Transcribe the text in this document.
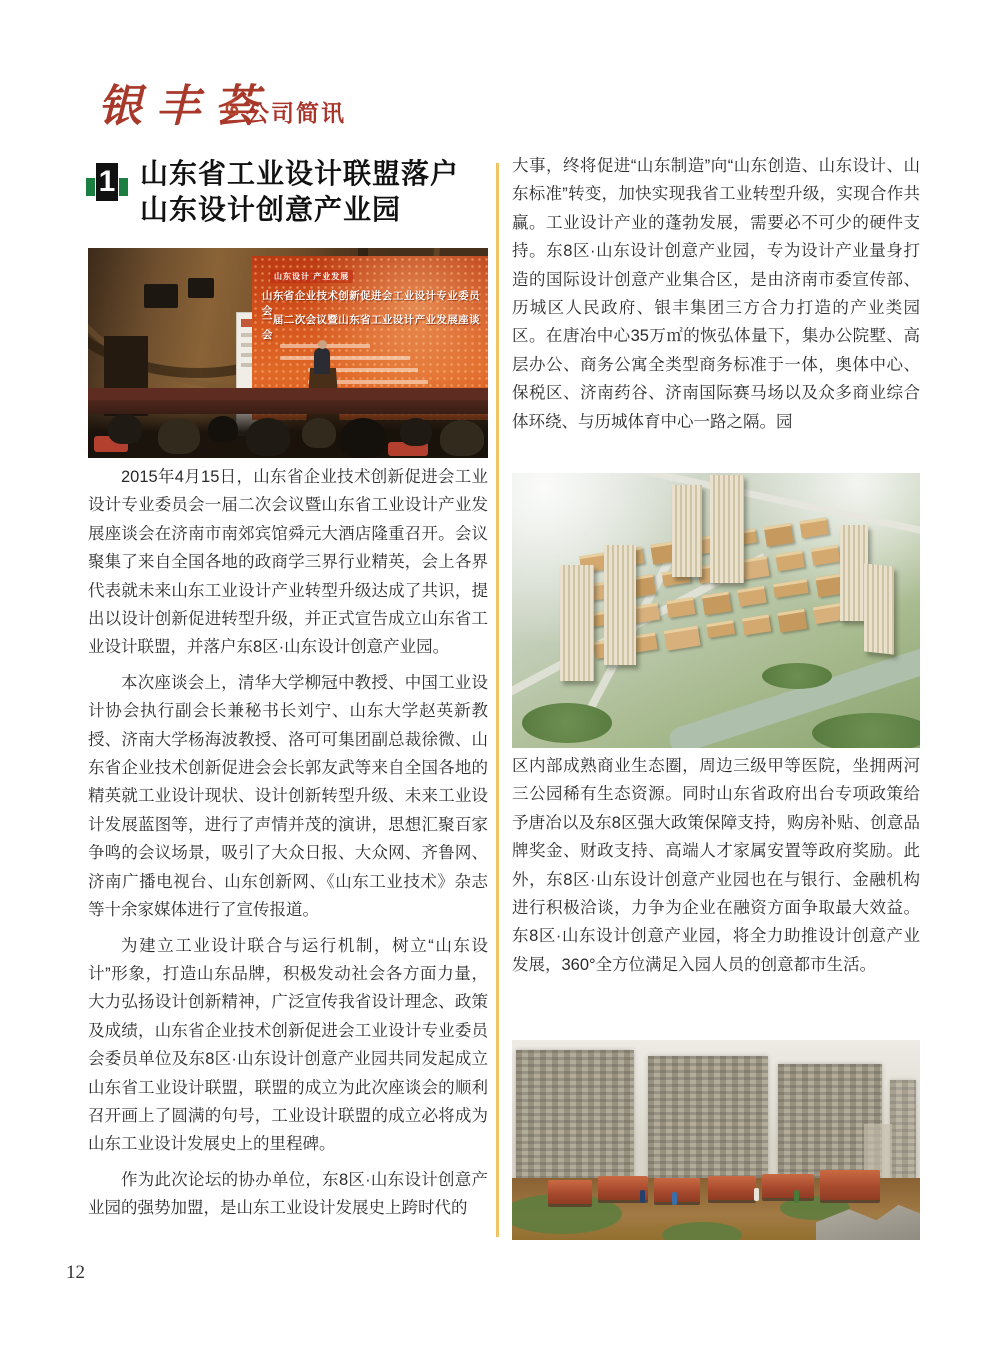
银丰荟
公司简讯
1 山东省工业设计联盟落户
山东设计创意产业园
山东设计 产业发展
山东省企业技术创新促进会工业设计专业委员会
一届二次会议暨山东省工业设计产业发展座谈会

2015年4月15日，山东省企业技术创新促进会工业设计专业委员会一届二次会议暨山东省工业设计产业发展座谈会在济南市南郊宾馆舜元大酒店隆重召开。会议聚集了来自全国各地的政商学三界行业精英，会上各界代表就未来山东工业设计产业转型升级达成了共识，提出以设计创新促进转型升级，并正式宣告成立山东省工业设计联盟，并落户东8区·山东设计创意产业园。

本次座谈会上，清华大学柳冠中教授、中国工业设计协会执行副会长兼秘书长刘宁、山东大学赵英新教授、济南大学杨海波教授、洛可可集团副总裁徐微、山东省企业技术创新促进会会长郭友武等来自全国各地的精英就工业设计现状、设计创新转型升级、未来工业设计发展蓝图等，进行了声情并茂的演讲，思想汇聚百家争鸣的会议场景，吸引了大众日报、大众网、齐鲁网、济南广播电视台、山东创新网、《山东工业技术》杂志等十余家媒体进行了宣传报道。

为建立工业设计联合与运行机制，树立“山东设计”形象，打造山东品牌，积极发动社会各方面力量，大力弘扬设计创新精神，广泛宣传我省设计理念、政策及成绩，山东省企业技术创新促进会工业设计专业委员会委员单位及东8区·山东设计创意产业园共同发起成立山东省工业设计联盟，联盟的成立为此次座谈会的顺利召开画上了圆满的句号，工业设计联盟的成立必将成为山东工业设计发展史上的里程碑。

作为此次论坛的协办单位，东8区·山东设计创意产业园的强势加盟，是山东工业设计发展史上跨时代的

大事，终将促进“山东制造”向“山东创造、山东设计、山东标准”转变，加快实现我省工业转型升级，实现合作共赢。工业设计产业的蓬勃发展，需要必不可少的硬件支持。东8区·山东设计创意产业园，专为设计产业量身打造的国际设计创意产业集合区，是由济南市委宣传部、历城区人民政府、银丰集团三方合力打造的产业类园区。在唐冶中心35万㎡的恢弘体量下，集办公院墅、高层办公、商务公寓全类型商务标准于一体，奥体中心、保税区、济南药谷、济南国际赛马场以及众多商业综合体环绕、与历城体育中心一路之隔。园

区内部成熟商业生态圈，周边三级甲等医院，坐拥两河三公园稀有生态资源。同时山东省政府出台专项政策给予唐冶以及东8区强大政策保障支持，购房补贴、创意品牌奖金、财政支持、高端人才家属安置等政府奖励。此外，东8区·山东设计创意产业园也在与银行、金融机构进行积极洽谈，力争为企业在融资方面争取最大效益。东8区·山东设计创意产业园，将全力助推设计创意产业发展，360°全方位满足入园人员的创意都市生活。

12
